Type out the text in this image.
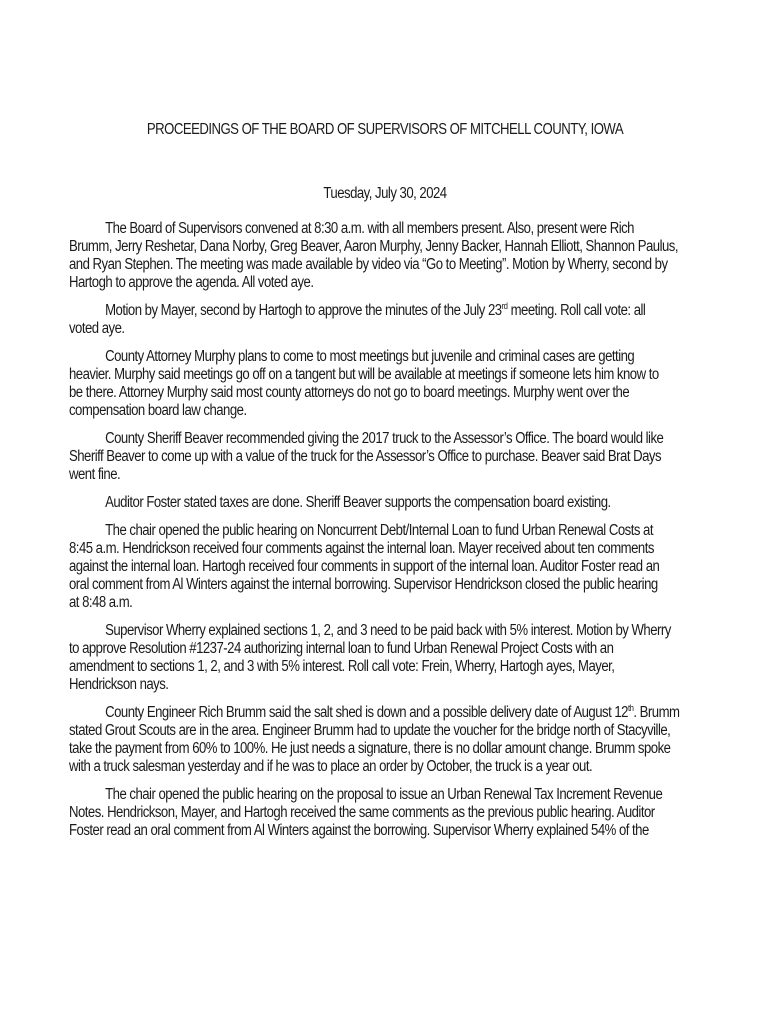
PROCEEDINGS OF THE BOARD OF SUPERVISORS OF MITCHELL COUNTY, IOWA
Tuesday, July 30, 2024
The Board of Supervisors convened at 8:30 a.m. with all members present. Also, present were Rich
Brumm, Jerry Reshetar, Dana Norby, Greg Beaver, Aaron Murphy, Jenny Backer, Hannah Elliott, Shannon Paulus,
and Ryan Stephen. The meeting was made available by video via “Go to Meeting”. Motion by Wherry, second by
Hartogh to approve the agenda. All voted aye.
Motion by Mayer, second by Hartogh to approve the minutes of the July 23rd meeting. Roll call vote: all
voted aye.
County Attorney Murphy plans to come to most meetings but juvenile and criminal cases are getting
heavier. Murphy said meetings go off on a tangent but will be available at meetings if someone lets him know to
be there. Attorney Murphy said most county attorneys do not go to board meetings. Murphy went over the
compensation board law change.
County Sheriff Beaver recommended giving the 2017 truck to the Assessor’s Office. The board would like
Sheriff Beaver to come up with a value of the truck for the Assessor’s Office to purchase. Beaver said Brat Days
went fine.
Auditor Foster stated taxes are done. Sheriff Beaver supports the compensation board existing.
The chair opened the public hearing on Noncurrent Debt/Internal Loan to fund Urban Renewal Costs at
8:45 a.m. Hendrickson received four comments against the internal loan. Mayer received about ten comments
against the internal loan. Hartogh received four comments in support of the internal loan. Auditor Foster read an
oral comment from Al Winters against the internal borrowing. Supervisor Hendrickson closed the public hearing
at 8:48 a.m.
Supervisor Wherry explained sections 1, 2, and 3 need to be paid back with 5% interest. Motion by Wherry
to approve Resolution #1237-24 authorizing internal loan to fund Urban Renewal Project Costs with an
amendment to sections 1, 2, and 3 with 5% interest. Roll call vote: Frein, Wherry, Hartogh ayes, Mayer,
Hendrickson nays.
County Engineer Rich Brumm said the salt shed is down and a possible delivery date of August 12th. Brumm
stated Grout Scouts are in the area. Engineer Brumm had to update the voucher for the bridge north of Stacyville,
take the payment from 60% to 100%. He just needs a signature, there is no dollar amount change. Brumm spoke
with a truck salesman yesterday and if he was to place an order by October, the truck is a year out.
The chair opened the public hearing on the proposal to issue an Urban Renewal Tax Increment Revenue
Notes. Hendrickson, Mayer, and Hartogh received the same comments as the previous public hearing. Auditor
Foster read an oral comment from Al Winters against the borrowing. Supervisor Wherry explained 54% of the
